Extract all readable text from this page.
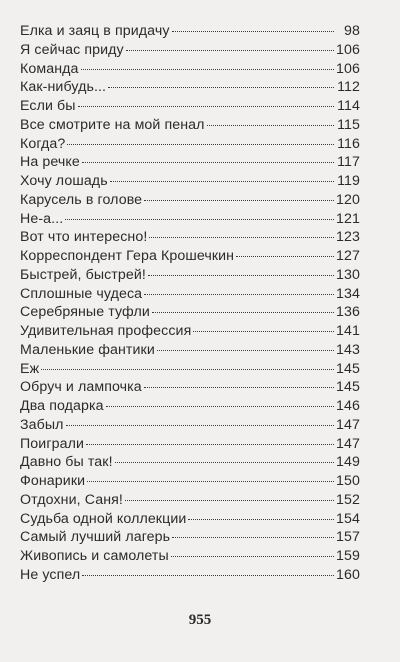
Елка и заяц в придачу	98
Я сейчас приду	106
Команда	106
Как-нибудь...	112
Если бы	114
Все смотрите на мой пенал	115
Когда?	116
На речке	117
Хочу лошадь	119
Карусель в голове	120
Не-а...	121
Вот что интересно!	123
Корреспондент Гера Крошечкин	127
Быстрей, быстрей!	130
Сплошные чудеса	134
Серебряные туфли	136
Удивительная профессия	141
Маленькие фантики	143
Еж	145
Обруч и лампочка	145
Два подарка	146
Забыл	147
Поиграли	147
Давно бы так!	149
Фонарики	150
Отдохни, Саня!	152
Судьба одной коллекции	154
Самый лучший лагерь	157
Живопись и самолеты	159
Не успел	160
955
